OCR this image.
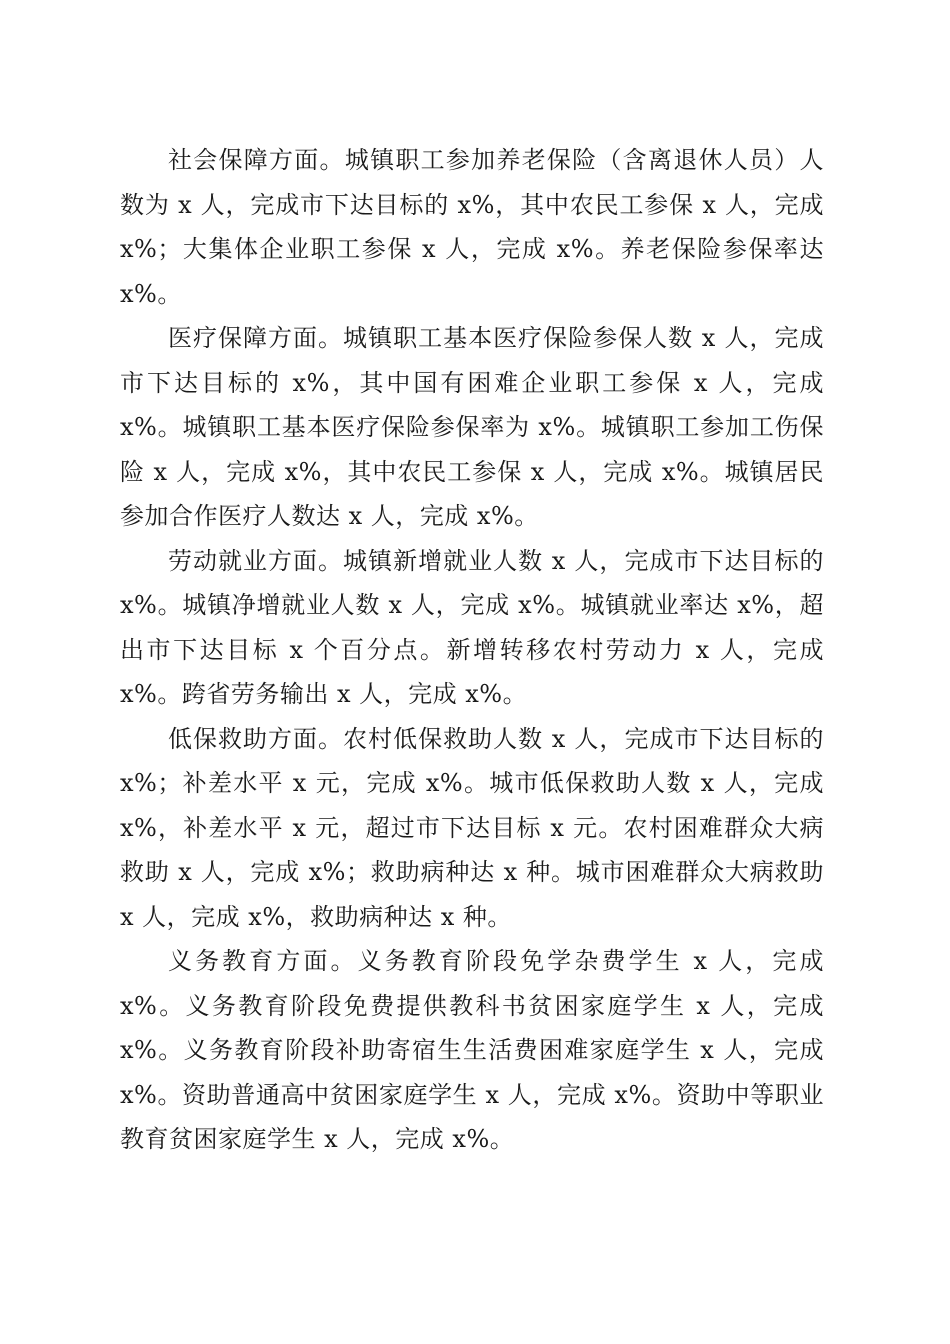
社会保障方面。城镇职工参加养老保险（含离退休人员）人数为 x 人，完成市下达目标的 x%，其中农民工参保 x 人，完成 x%；大集体企业职工参保 x 人，完成 x%。养老保险参保率达 x%。

医疗保障方面。城镇职工基本医疗保险参保人数 x 人，完成市下达目标的 x%，其中国有困难企业职工参保 x 人，完成 x%。城镇职工基本医疗保险参保率为 x%。城镇职工参加工伤保险 x 人，完成 x%，其中农民工参保 x 人，完成 x%。城镇居民参加合作医疗人数达 x 人，完成 x%。

劳动就业方面。城镇新增就业人数 x 人，完成市下达目标的 x%。城镇净增就业人数 x 人，完成 x%。城镇就业率达 x%，超出市下达目标 x 个百分点。新增转移农村劳动力 x 人，完成 x%。跨省劳务输出 x 人，完成 x%。

低保救助方面。农村低保救助人数 x 人，完成市下达目标的 x%；补差水平 x 元，完成 x%。城市低保救助人数 x 人，完成 x%，补差水平 x 元，超过市下达目标 x 元。农村困难群众大病救助 x 人，完成 x%；救助病种达 x 种。城市困难群众大病救助 x 人，完成 x%，救助病种达 x 种。

义务教育方面。义务教育阶段免学杂费学生 x 人，完成 x%。义务教育阶段免费提供教科书贫困家庭学生 x 人，完成 x%。义务教育阶段补助寄宿生生活费困难家庭学生 x 人，完成 x%。资助普通高中贫困家庭学生 x 人，完成 x%。资助中等职业教育贫困家庭学生 x 人，完成 x%。
